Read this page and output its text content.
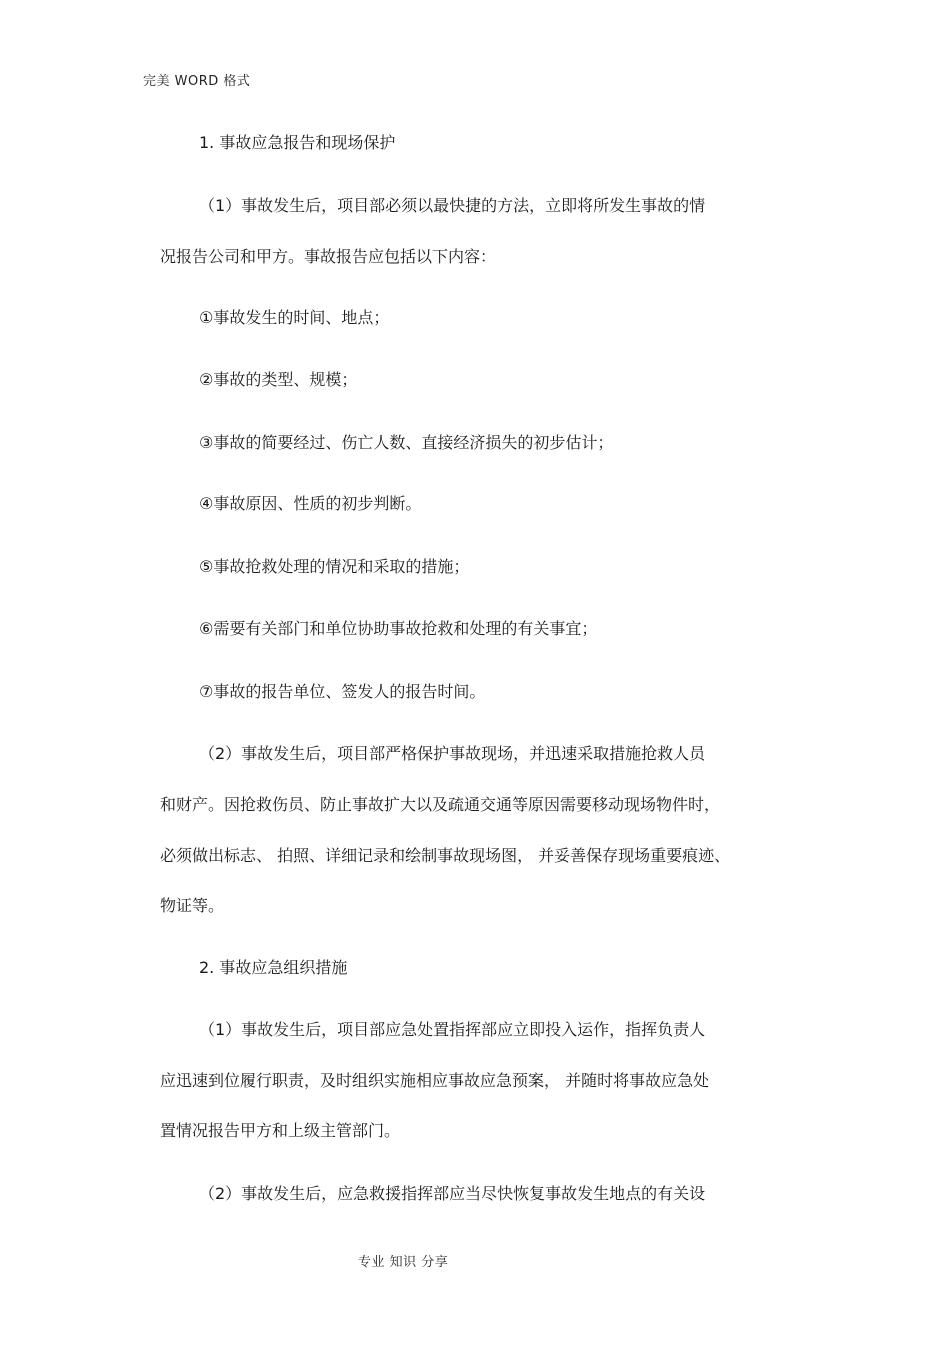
完美 WORD 格式
1. 事故应急报告和现场保护
（1）事故发生后，项目部必须以最快捷的方法，立即将所发生事故的情
况报告公司和甲方。事故报告应包括以下内容：
①事故发生的时间、地点；
②事故的类型、规模；
③事故的简要经过、伤亡人数、直接经济损失的初步估计；
④事故原因、性质的初步判断。
⑤事故抢救处理的情况和采取的措施；
⑥需要有关部门和单位协助事故抢救和处理的有关事宜；
⑦事故的报告单位、签发人的报告时间。
（2）事故发生后，项目部严格保护事故现场，并迅速采取措施抢救人员
和财产。因抢救伤员、防止事故扩大以及疏通交通等原因需要移动现场物件时，
必须做出标志、 拍照、详细记录和绘制事故现场图， 并妥善保存现场重要痕迹、
物证等。
2. 事故应急组织措施
（1）事故发生后，项目部应急处置指挥部应立即投入运作，指挥负责人
应迅速到位履行职责，及时组织实施相应事故应急预案， 并随时将事故应急处
置情况报告甲方和上级主管部门。
（2）事故发生后，应急救援指挥部应当尽快恢复事故发生地点的有关设
专业 知识 分享
